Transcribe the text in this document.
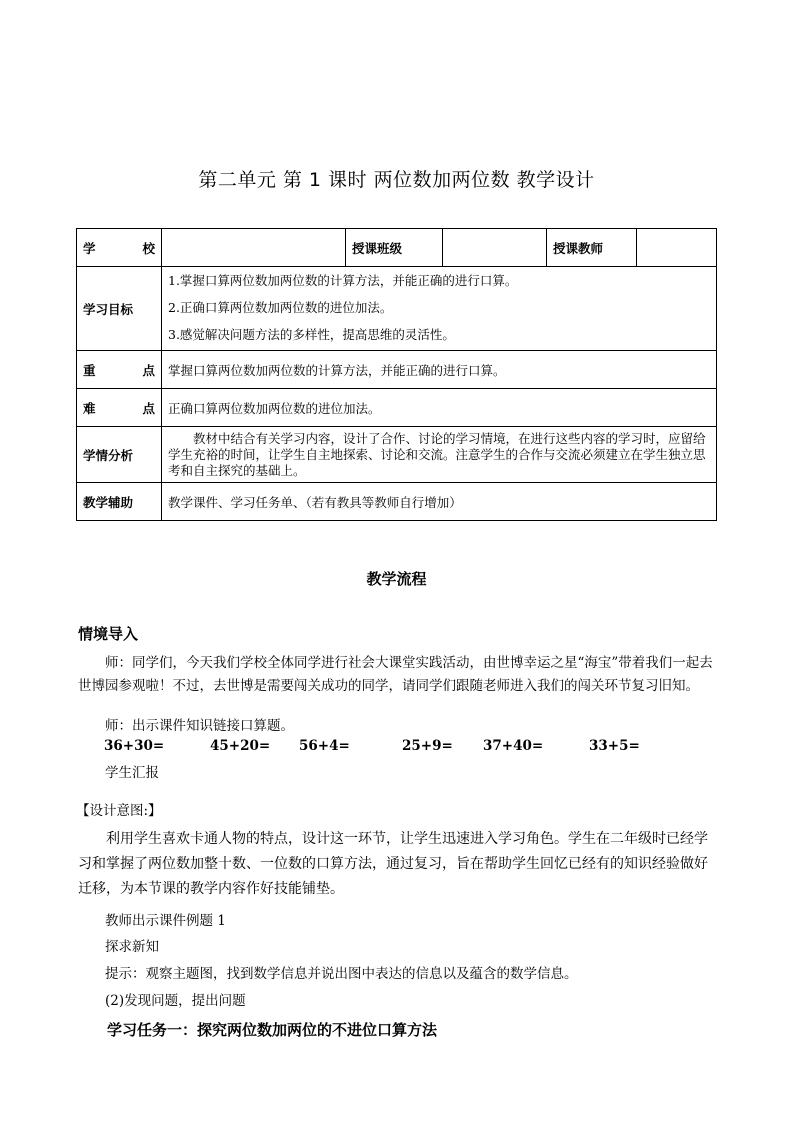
第二单元 第 1 课时 两位数加两位数 教学设计
学　　校		授课班级		授课教师	
学习目标	1.掌握口算两位数加两位数的计算方法，并能正确的进行口算。
2.正确口算两位数加两位数的进位加法。
3.感觉解决问题方法的多样性，提高思维的灵活性。				

重　　点	掌握口算两位数加两位数的计算方法，并能正确的进行口算。				
难　　点	正确口算两位数加两位数的进位加法。				
学情分析	教材中结合有关学习内容，设计了合作、讨论的学习情境，在进行这些内容的学习时，应留给学生充裕的时间，让学生自主地探索、讨论和交流。注意学生的合作与交流必须建立在学生独立思考和自主探究的基础上。				
教学辅助	教学课件、学习任务单、（若有教具等教师自行增加）				
教学流程
情境导入
师：同学们，今天我们学校全体同学进行社会大课堂实践活动，由世博幸运之星“海宝”带着我们一起去世博园参观啦！不过，去世博是需要闯关成功的同学，请同学们跟随老师进入我们的闯关环节复习旧知。
师：出示课件知识链接口算题。
36+30=	45+20= 56+4=	25+9= 37+40=	33+5=
学生汇报
【设计意图:】
利用学生喜欢卡通人物的特点，设计这一环节，让学生迅速进入学习角色。学生在二年级时已经学习和掌握了两位数加整十数、一位数的口算方法，通过复习，旨在帮助学生回忆已经有的知识经验做好迁移，为本节课的教学内容作好技能铺垫。
教师出示课件例题 1
探求新知
提示：观察主题图，找到数学信息并说出图中表达的信息以及蕴含的数学信息。
(2)发现问题，提出问题
学习任务一：探究两位数加两位的不进位口算方法
